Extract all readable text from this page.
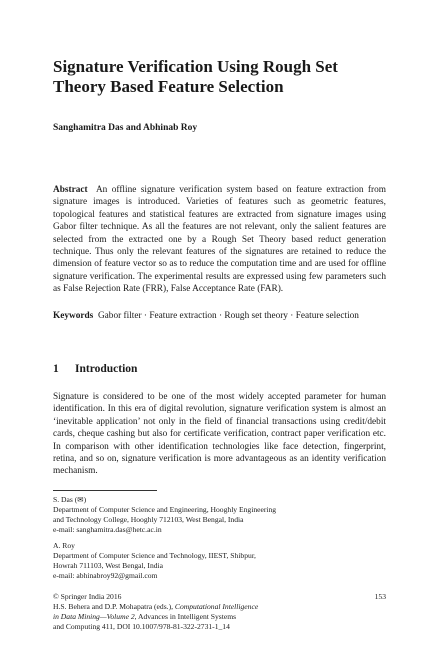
Signature Verification Using Rough Set
Theory Based Feature Selection
Sanghamitra Das and Abhinab Roy
Abstract An offline signature verification system based on feature extraction from signature images is introduced. Varieties of features such as geometric features, topological features and statistical features are extracted from signature images using Gabor filter technique. As all the features are not relevant, only the salient features are selected from the extracted one by a Rough Set Theory based reduct generation technique. Thus only the relevant features of the signatures are retained to reduce the dimension of feature vector so as to reduce the computation time and are used for offline signature verification. The experimental results are expressed using few parameters such as False Rejection Rate (FRR), False Acceptance Rate (FAR).
Keywords Gabor filter · Feature extraction · Rough set theory · Feature selection
1 Introduction
Signature is considered to be one of the most widely accepted parameter for human identification. In this era of digital revolution, signature verification system is almost an ‘inevitable application’ not only in the field of financial transactions using credit/debit cards, cheque cashing but also for certificate verification, contract paper verification etc. In comparison with other identification technologies like face detection, fingerprint, retina, and so on, signature verification is more advantageous as an identity verification mechanism.
S. Das (✉)
Department of Computer Science and Engineering, Hooghly Engineering
and Technology College, Hooghly 712103, West Bengal, India
e-mail: sanghamitra.das@hetc.ac.in
A. Roy
Department of Computer Science and Technology, IIEST, Shibpur,
Howrah 711103, West Bengal, India
e-mail: abhinabroy92@gmail.com
© Springer India 2016
H.S. Behera and D.P. Mohapatra (eds.), Computational Intelligence
in Data Mining—Volume 2, Advances in Intelligent Systems
and Computing 411, DOI 10.1007/978-81-322-2731-1_14
153
